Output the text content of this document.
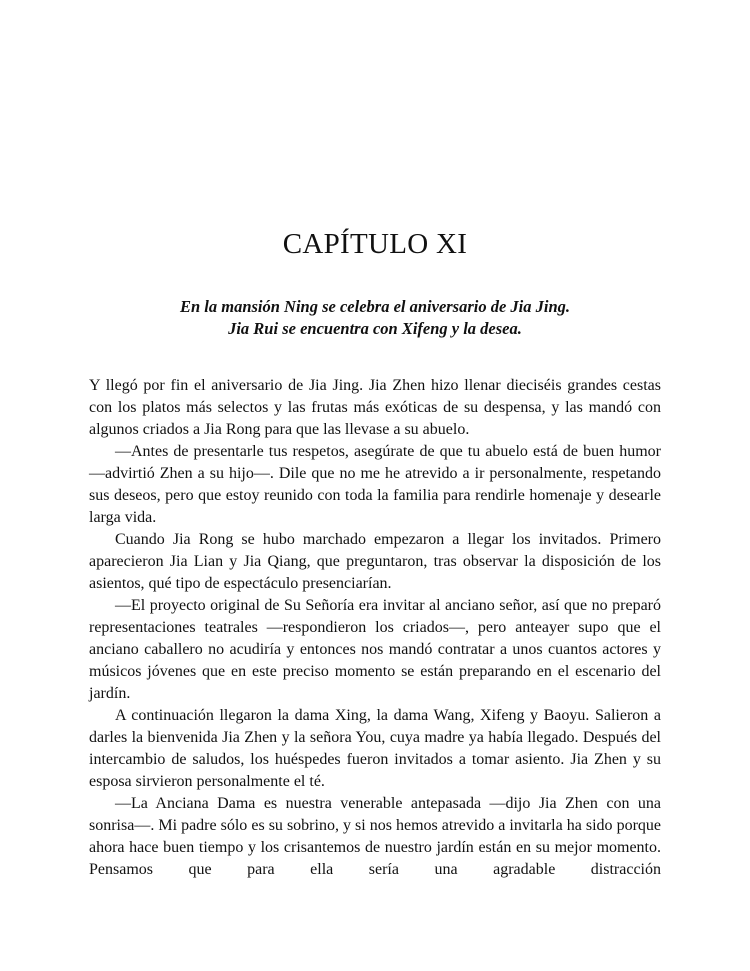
CAPÍTULO XI
En la mansión Ning se celebra el aniversario de Jia Jing.
Jia Rui se encuentra con Xifeng y la desea.

Y llegó por fin el aniversario de Jia Jing. Jia Zhen hizo llenar dieciséis grandes cestas con los platos más selectos y las frutas más exóticas de su despensa, y las mandó con algunos criados a Jia Rong para que las llevase a su abuelo.

—Antes de presentarle tus respetos, asegúrate de que tu abuelo está de buen humor —advirtió Zhen a su hijo—. Dile que no me he atrevido a ir personalmente, respetando sus deseos, pero que estoy reunido con toda la familia para rendirle homenaje y desearle larga vida.

Cuando Jia Rong se hubo marchado empezaron a llegar los invitados. Primero aparecieron Jia Lian y Jia Qiang, que preguntaron, tras observar la disposición de los asientos, qué tipo de espectáculo presenciarían.

—El proyecto original de Su Señoría era invitar al anciano señor, así que no preparó representaciones teatrales —respondieron los criados—, pero anteayer supo que el anciano caballero no acudiría y entonces nos mandó contratar a unos cuantos actores y músicos jóvenes que en este preciso momento se están preparando en el escenario del jardín.

A continuación llegaron la dama Xing, la dama Wang, Xifeng y Baoyu. Salieron a darles la bienvenida Jia Zhen y la señora You, cuya madre ya había llegado. Después del intercambio de saludos, los huéspedes fueron invitados a tomar asiento. Jia Zhen y su esposa sirvieron personalmente el té.

—La Anciana Dama es nuestra venerable antepasada —dijo Jia Zhen con una sonrisa—. Mi padre sólo es su sobrino, y si nos hemos atrevido a invitarla ha sido porque ahora hace buen tiempo y los crisantemos de nuestro jardín están en su mejor momento. Pensamos que para ella sería una agradable distracción
